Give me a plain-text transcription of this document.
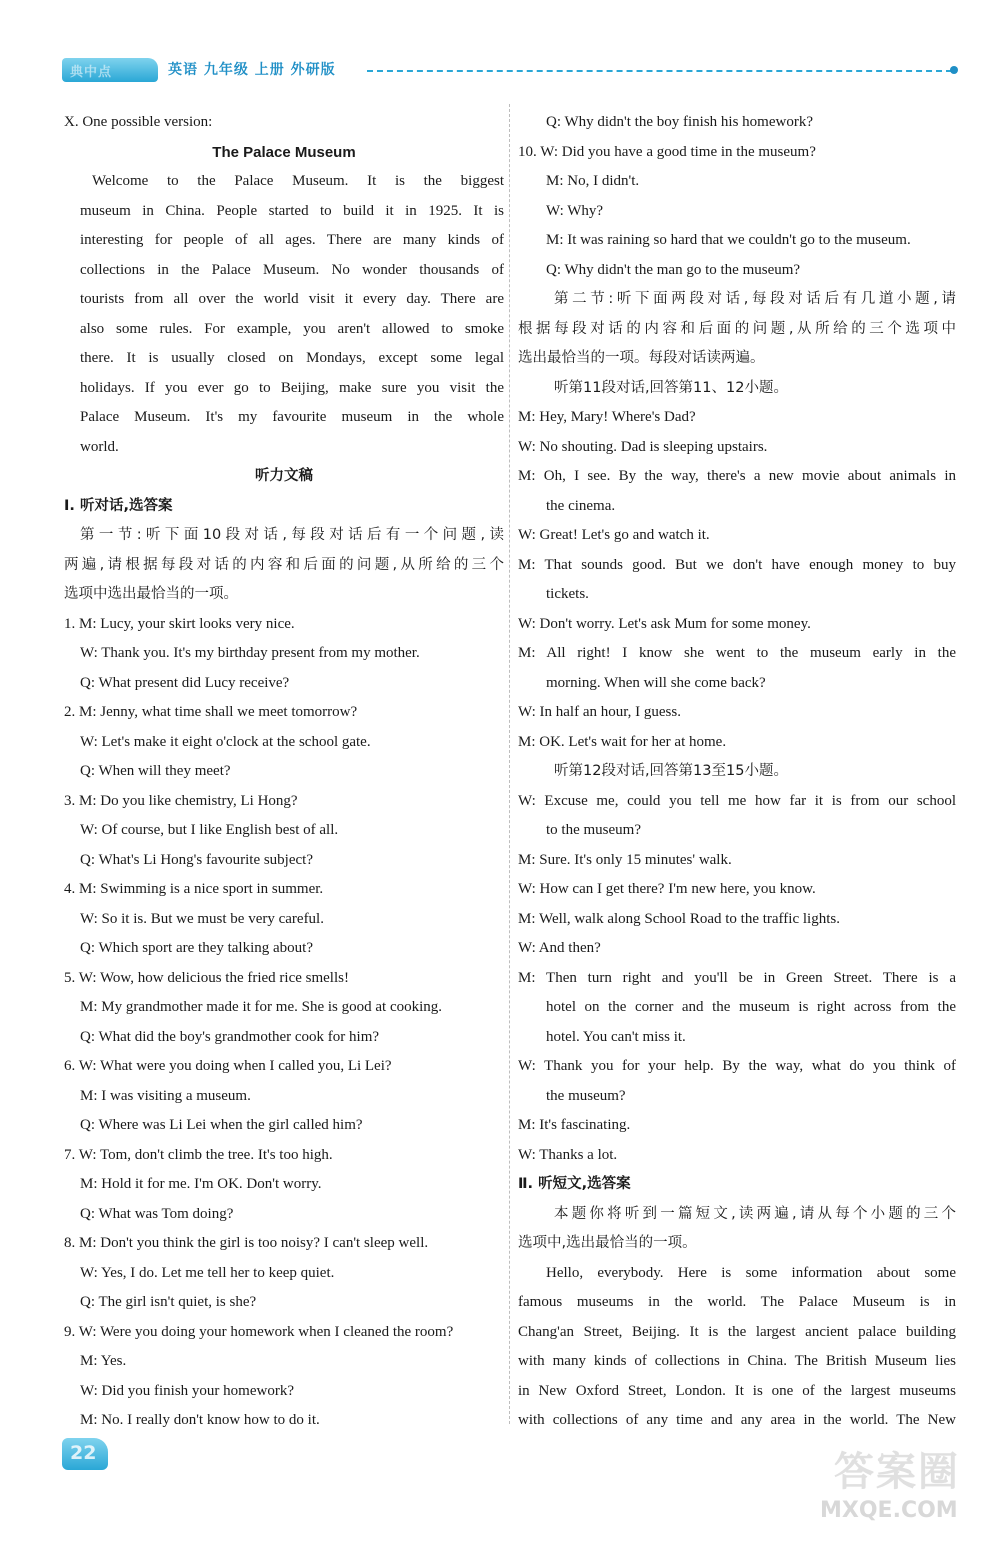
典中点	英语 九年级 上册 外研版
X. One possible version:
The Palace Museum
Welcome to the Palace Museum. It is the biggest
museum in China. People started to build it in 1925. It is
interesting for people of all ages. There are many kinds of
collections in the Palace Museum. No wonder thousands of
tourists from all over the world visit it every day. There are
also some rules. For example, you aren't allowed to smoke
there. It is usually closed on Mondays, except some legal
holidays. If you ever go to Beijing, make sure you visit the
Palace Museum. It's my favourite museum in the whole
world.
听力文稿
Ⅰ. 听对话,选答案
第一节:听下面10段对话,每段对话后有一个问题,读
两遍,请根据每段对话的内容和后面的问题,从所给的三个
选项中选出最恰当的一项。
1. M: Lucy, your skirt looks very nice.
W: Thank you. It's my birthday present from my mother.
Q: What present did Lucy receive?
2. M: Jenny, what time shall we meet tomorrow?
W: Let's make it eight o'clock at the school gate.
Q: When will they meet?
3. M: Do you like chemistry, Li Hong?
W: Of course, but I like English best of all.
Q: What's Li Hong's favourite subject?
4. M: Swimming is a nice sport in summer.
W: So it is. But we must be very careful.
Q: Which sport are they talking about?
5. W: Wow, how delicious the fried rice smells!
M: My grandmother made it for me. She is good at cooking.
Q: What did the boy's grandmother cook for him?
6. W: What were you doing when I called you, Li Lei?
M: I was visiting a museum.
Q: Where was Li Lei when the girl called him?
7. W: Tom, don't climb the tree. It's too high.
M: Hold it for me. I'm OK. Don't worry.
Q: What was Tom doing?
8. M: Don't you think the girl is too noisy? I can't sleep well.
W: Yes, I do. Let me tell her to keep quiet.
Q: The girl isn't quiet, is she?
9. W: Were you doing your homework when I cleaned the room?
M: Yes.
W: Did you finish your homework?
M: No. I really don't know how to do it.
Q: Why didn't the boy finish his homework?
10. W: Did you have a good time in the museum?
M: No, I didn't.
W: Why?
M: It was raining so hard that we couldn't go to the museum.
Q: Why didn't the man go to the museum?
第二节:听下面两段对话,每段对话后有几道小题,请
根据每段对话的内容和后面的问题,从所给的三个选项中
选出最恰当的一项。每段对话读两遍。
听第11段对话,回答第11、12小题。
M: Hey, Mary! Where's Dad?
W: No shouting. Dad is sleeping upstairs.
M: Oh, I see. By the way, there's a new movie about animals in
the cinema.
W: Great! Let's go and watch it.
M: That sounds good. But we don't have enough money to buy
tickets.
W: Don't worry. Let's ask Mum for some money.
M: All right! I know she went to the museum early in the
morning. When will she come back?
W: In half an hour, I guess.
M: OK. Let's wait for her at home.
听第12段对话,回答第13至15小题。
W: Excuse me, could you tell me how far it is from our school
to the museum?
M: Sure. It's only 15 minutes' walk.
W: How can I get there? I'm new here, you know.
M: Well, walk along School Road to the traffic lights.
W: And then?
M: Then turn right and you'll be in Green Street. There is a
hotel on the corner and the museum is right across from the
hotel. You can't miss it.
W: Thank you for your help. By the way, what do you think of
the museum?
M: It's fascinating.
W: Thanks a lot.
Ⅱ. 听短文,选答案
本题你将听到一篇短文,读两遍,请从每个小题的三个
选项中,选出最恰当的一项。
Hello, everybody. Here is some information about some
famous museums in the world. The Palace Museum is in
Chang'an Street, Beijing. It is the largest ancient palace building
with many kinds of collections in China. The British Museum lies
in New Oxford Street, London. It is one of the largest museums
with collections of any time and any area in the world. The New
22	答案圈
MXQE.COM
